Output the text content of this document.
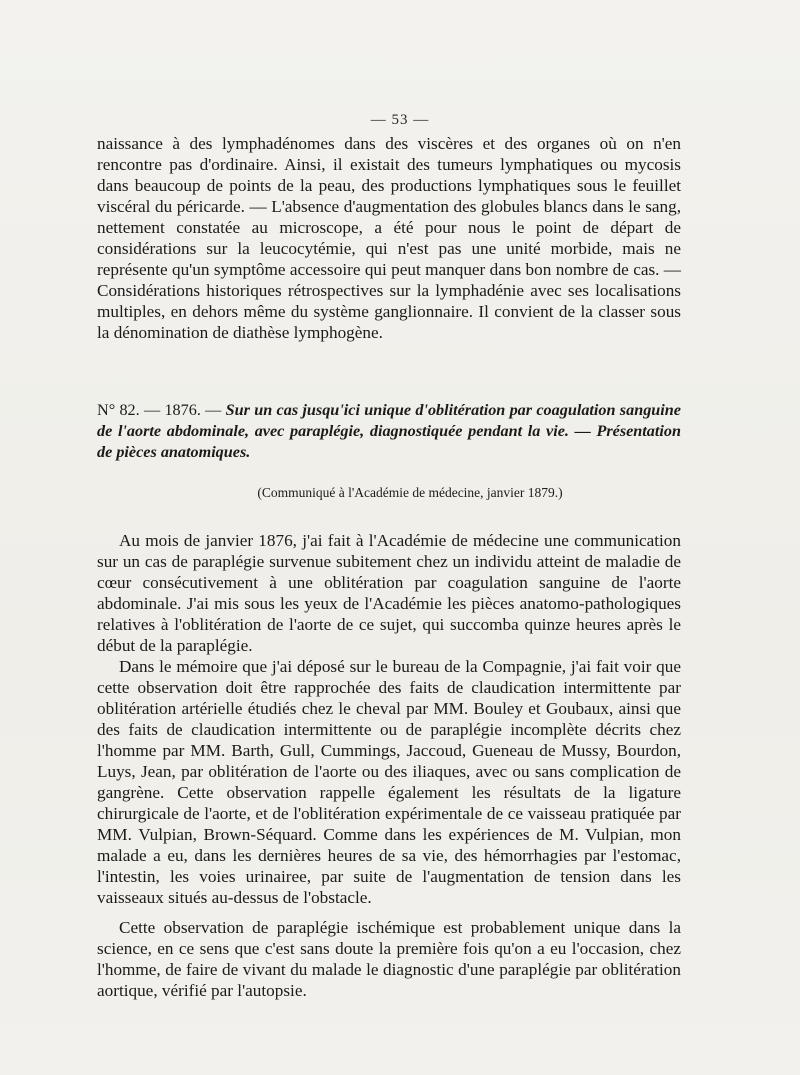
— 53 —

naissance à des lymphadénomes dans des viscères et des organes où on n'en rencontre pas d'ordinaire. Ainsi, il existait des tumeurs lymphatiques ou mycosis dans beaucoup de points de la peau, des productions lymphatiques sous le feuillet viscéral du péricarde. — L'absence d'augmentation des globules blancs dans le sang, nettement constatée au microscope, a été pour nous le point de départ de considérations sur la leucocytémie, qui n'est pas une unité morbide, mais ne représente qu'un symptôme accessoire qui peut manquer dans bon nombre de cas. — Considérations historiques rétrospectives sur la lymphadénie avec ses localisations multiples, en dehors même du système ganglionnaire. Il convient de la classer sous la dénomination de diathèse lymphogène.

N° 82. — 1876. — Sur un cas jusqu'ici unique d'oblitération par coagulation sanguine de l'aorte abdominale, avec paraplégie, diagnostiquée pendant la vie. — Présentation de pièces anatomiques.

(Communiqué à l'Académie de médecine, janvier 1879.)

Au mois de janvier 1876, j'ai fait à l'Académie de médecine une communication sur un cas de paraplégie survenue subitement chez un individu atteint de maladie de cœur consécutivement à une oblitération par coagulation sanguine de l'aorte abdominale. J'ai mis sous les yeux de l'Académie les pièces anatomo-pathologiques relatives à l'oblitération de l'aorte de ce sujet, qui succomba quinze heures après le début de la paraplégie.

Dans le mémoire que j'ai déposé sur le bureau de la Compagnie, j'ai fait voir que cette observation doit être rapprochée des faits de claudication intermittente par oblitération artérielle étudiés chez le cheval par MM. Bouley et Goubaux, ainsi que des faits de claudication intermittente ou de paraplégie incomplète décrits chez l'homme par MM. Barth, Gull, Cummings, Jaccoud, Gueneau de Mussy, Bourdon, Luys, Jean, par oblitération de l'aorte ou des iliaques, avec ou sans complication de gangrène. Cette observation rappelle également les résultats de la ligature chirurgicale de l'aorte, et de l'oblitération expérimentale de ce vaisseau pratiquée par MM. Vulpian, Brown-Séquard. Comme dans les expériences de M. Vulpian, mon malade a eu, dans les dernières heures de sa vie, des hémorrhagies par l'estomac, l'intestin, les voies urinairee, par suite de l'augmentation de tension dans les vaisseaux situés au-dessus de l'obstacle.

Cette observation de paraplégie ischémique est probablement unique dans la science, en ce sens que c'est sans doute la première fois qu'on a eu l'occasion, chez l'homme, de faire de vivant du malade le diagnostic d'une paraplégie par oblitération aortique, vérifié par l'autopsie.
